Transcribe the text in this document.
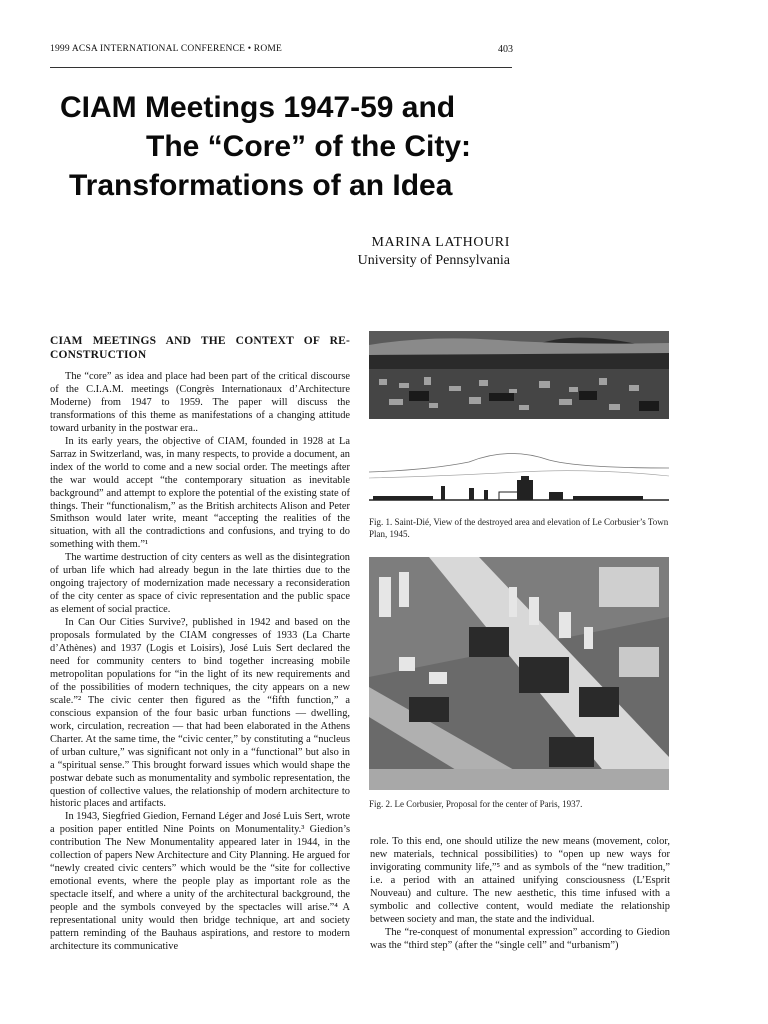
1999 ACSA INTERNATIONAL CONFERENCE • ROME	403
CIAM Meetings 1947-59 and
The “Core” of the City:
Transformations of an Idea
MARINA LATHOURI
University of Pennsylvania

CIAM MEETINGS AND THE CONTEXT OF RE-CONSTRUCTION

The “core” as idea and place had been part of the critical discourse of the C.I.A.M. meetings (Congrès Internationaux d’Architecture Moderne) from 1947 to 1959. The paper will discuss the transformations of this theme as manifestations of a changing attitude toward urbanity in the postwar era..

In its early years, the objective of CIAM, founded in 1928 at La Sarraz in Switzerland, was, in many respects, to provide a document, an index of the world to come and a new social order. The meetings after the war would accept “the contemporary situation as inevitable background” and attempt to explore the potential of the existing state of things. Their “functionalism,” as the British architects Alison and Peter Smithson would later write, meant “accepting the realities of the situation, with all the contradictions and confusions, and trying to do something with them.”¹

The wartime destruction of city centers as well as the disintegration of urban life which had already begun in the late thirties due to the ongoing trajectory of modernization made necessary a reconsideration of the city center as space of civic representation and the public space as element of social practice.

In Can Our Cities Survive?, published in 1942 and based on the proposals formulated by the CIAM congresses of 1933 (La Charte d’Athènes) and 1937 (Logis et Loisirs), José Luis Sert declared the need for community centers to bind together increasing mobile metropolitan populations for “in the light of its new requirements and of the possibilities of modern techniques, the city appears on a new scale.”² The civic center then figured as the “fifth function,” a conscious expansion of the four basic urban functions — dwelling, work, circulation, recreation — that had been elaborated in the Athens Charter. At the same time, the “civic center,” by constituting a “nucleus of urban culture,” was significant not only in a “functional” but also in a “spiritual sense.” This brought forward issues which would shape the postwar debate such as monumentality and symbolic representation, the question of collective values, the relationship of modern architecture to historic places and artifacts.

In 1943, Siegfried Giedion, Fernand Léger and José Luis Sert, wrote a position paper entitled Nine Points on Monumentality.³ Giedion’s contribution The New Monumentality appeared later in 1944, in the collection of papers New Architecture and City Planning. He argued for “newly created civic centers” which would be the “site for collective emotional events, where the people play as important role as the spectacle itself, and where a unity of the architectural background, the people and the symbols conveyed by the spectacles will arise.”⁴ A representational unity would then bridge technique, art and society pattern reminding of the Bauhaus aspirations, and restore to modern architecture its communicative

Fig. 1. Saint-Dié, View of the destroyed area and elevation of Le Corbusier’s Town Plan, 1945.
Fig. 2. Le Corbusier, Proposal for the center of Paris, 1937.

role. To this end, one should utilize the new means (movement, color, new materials, technical possibilities) to “open up new ways for invigorating community life,”⁵ and as symbols of the “new tradition,” i.e. a period with an attained unifying consciousness (L’Esprit Nouveau) and culture. The new aesthetic, this time infused with a symbolic and collective content, would mediate the relationship between society and man, the state and the individual.

The “re-conquest of monumental expression” according to Giedion was the “third step” (after the “single cell” and “urbanism”)
